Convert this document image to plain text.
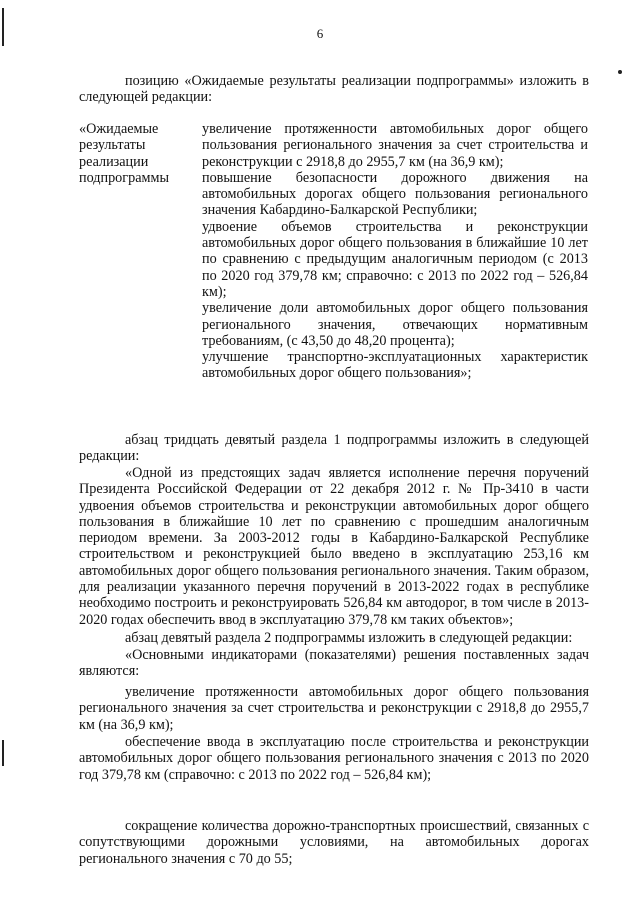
6

позицию «Ожидаемые результаты реализации подпрограммы» изложить в следующей редакции:

«Ожидаемые результаты реализации подпрограммы

увеличение протяженности автомобильных дорог общего пользования регионального значения за счет строительства и реконструкции с 2918,8 до 2955,7 км (на 36,9 км);

повышение безопасности дорожного движения на автомобильных дорогах общего пользования регионального значения Кабардино-Балкарской Республики;

удвоение объемов строительства и реконструкции автомобильных дорог общего пользования в ближайшие 10 лет по сравнению с предыдущим аналогичным периодом (с 2013 по 2020 год 379,78 км; справочно: с 2013 по 2022 год – 526,84 км);

увеличение доли автомобильных дорог общего пользования регионального значения, отвечающих нормативным требованиям, (с 43,50 до 48,20 процента);

улучшение транспортно-эксплуатационных характеристик автомобильных дорог общего пользования»;

абзац тридцать девятый раздела 1 подпрограммы изложить в следующей редакции:

«Одной из предстоящих задач является исполнение перечня поручений Президента Российской Федерации от 22 декабря 2012 г. № Пр-3410 в части удвоения объемов строительства и реконструкции автомобильных дорог общего пользования в ближайшие 10 лет по сравнению с прошедшим аналогичным периодом времени. За 2003-2012 годы в Кабардино-Балкарской Республике строительством и реконструкцией было введено в эксплуатацию 253,16 км автомобильных дорог общего пользования регионального значения. Таким образом, для реализации указанного перечня поручений в 2013-2022 годах в республике необходимо построить и реконструировать 526,84 км автодорог, в том числе в 2013-2020 годах обеспечить ввод в эксплуатацию 379,78 км таких объектов»;

абзац девятый раздела 2 подпрограммы изложить в следующей редакции:

«Основными индикаторами (показателями) решения поставленных задач являются:

увеличение протяженности автомобильных дорог общего пользования регионального значения за счет строительства и реконструкции с 2918,8 до 2955,7 км (на 36,9 км);

обеспечение ввода в эксплуатацию после строительства и реконструкции автомобильных дорог общего пользования регионального значения с 2013 по 2020 год 379,78 км (справочно: с 2013 по 2022 год – 526,84 км);

сокращение количества дорожно-транспортных происшествий, связанных с сопутствующими дорожными условиями, на автомобильных дорогах регионального значения с 70 до 55;
